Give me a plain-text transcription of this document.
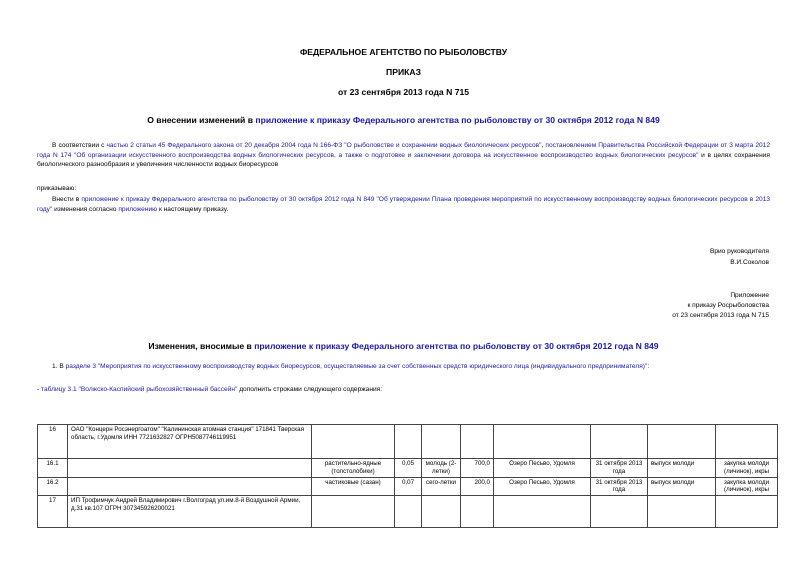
ФЕДЕРАЛЬНОЕ АГЕНТСТВО ПО РЫБОЛОВСТВУ
ПРИКАЗ
от 23 сентября 2013 года N 715
О внесении изменений в приложение к приказу Федерального агентства по рыболовству от 30 октября 2012 года N 849
В соответствии с частью 2 статьи 45 Федерального закона от 20 декабря 2004 года N 166-ФЗ "О рыболовстве и сохранении водных биологических ресурсов", постановлением Правительства Российской Федерации от 3 марта 2012 года N 174 "Об организации искусственного воспроизводства водных биологических ресурсов, а также о подготовке и заключении договора на искусственное воспроизводство водных биологических ресурсов" и в целях сохранения биологического разнообразия и увеличения численности водных биоресурсов
приказываю:
Внести в приложение к приказу Федерального агентства по рыболовству от 30 октября 2012 года N 849 "Об утверждении Плана проведения мероприятий по искусственному воспроизводству водных биологических ресурсов в 2013 году" изменения согласно приложению к настоящему приказу.
Врио руководителя
В.И.Соколов
Приложение
к приказу Росрыболовства
от 23 сентября 2013 года N 715
Изменения, вносимые в приложение к приказу Федерального агентства по рыболовству от 30 октября 2012 года N 849
1. В разделе 3 "Мероприятия по искусственному воспроизводству водных биоресурсов, осуществляемые за счет собственных средств юридического лица (индивидуального предпринимателя)":
- таблицу 3.1 "Волжско-Каспийский рыбохозяйственный бассейн" дополнить строками следующего содержания:
16	ОАО "Концерн Росэнергоатом" "Калининская атомная станция" 171841 Тверская область, г.Удомля ИНН 7721632827 ОГРН5087746119951								
16.1		растительно-ядные (толстолобики)	0,05	молодь (2-летки)	700,0	Озеро Песьво, Удомля	31 октября 2013 года	выпуск молоди	закупка молоди (личинок), икры
16.2		частиковые (сазан)	0,07	сего-летки	200,0	Озеро Песьво, Удомля	31 октября 2013 года	выпуск молоди	закупка молоди (личинок), икры
17	ИП Трофимчук Андрей Владимирович г.Волгоград ул.им.8-й Воздушной Армии, д.31 кв.107 ОГРН 307345926200021								
